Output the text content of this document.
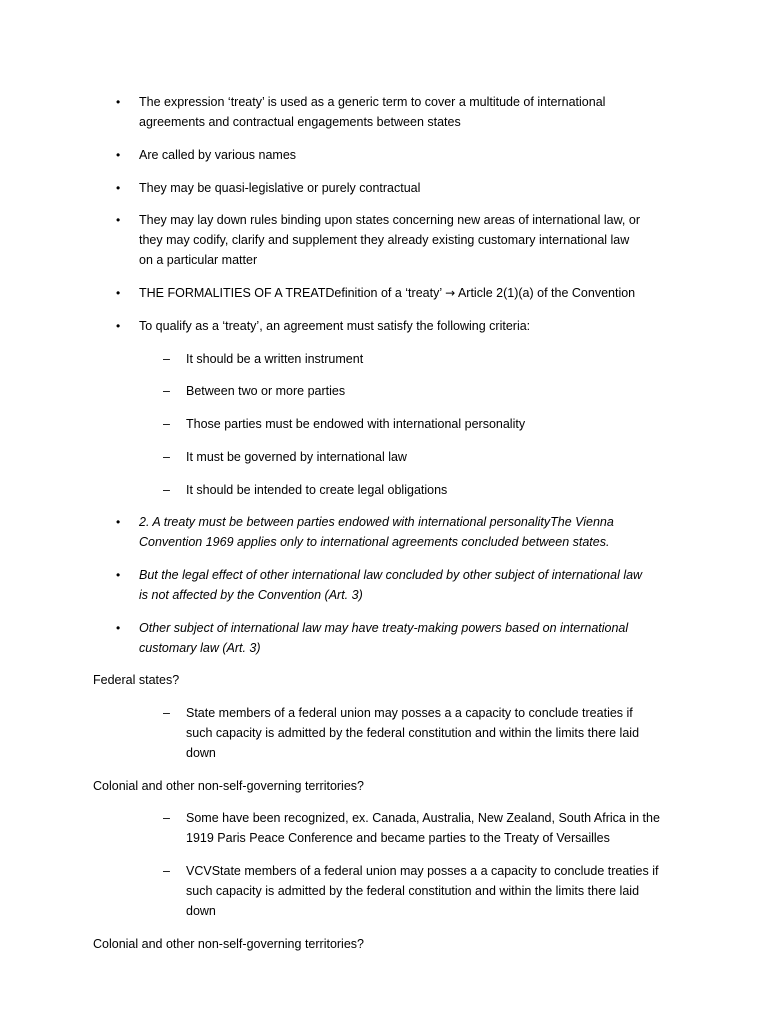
• The expression ‘treaty’ is used as a generic term to cover a multitude of international
agreements and contractual engagements between states
• Are called by various names
• They may be quasi-legislative or purely contractual
• They may lay down rules binding upon states concerning new areas of international law, or
they may codify, clarify and supplement they already existing customary international law
on a particular matter
• THE FORMALITIES OF A TREATDefinition of a ‘treaty’ → Article 2(1)(a) of the Convention
• To qualify as a ‘treaty’, an agreement must satisfy the following criteria:
– It should be a written instrument
– Between two or more parties
– Those parties must be endowed with international personality
– It must be governed by international law
– It should be intended to create legal obligations
• 2. A treaty must be between parties endowed with international personalityThe Vienna
Convention 1969 applies only to international agreements concluded between states.
• But the legal effect of other international law concluded by other subject of international law
is not affected by the Convention (Art. 3)
• Other subject of international law may have treaty-making powers based on international
customary law (Art. 3)
Federal states?
– State members of a federal union may posses a a capacity to conclude treaties if
such capacity is admitted by the federal constitution and within the limits there laid
down
Colonial and other non-self-governing territories?
– Some have been recognized, ex. Canada, Australia, New Zealand, South Africa in the
1919 Paris Peace Conference and became parties to the Treaty of Versailles
– VCVState members of a federal union may posses a a capacity to conclude treaties if
such capacity is admitted by the federal constitution and within the limits there laid
down
Colonial and other non-self-governing territories?
